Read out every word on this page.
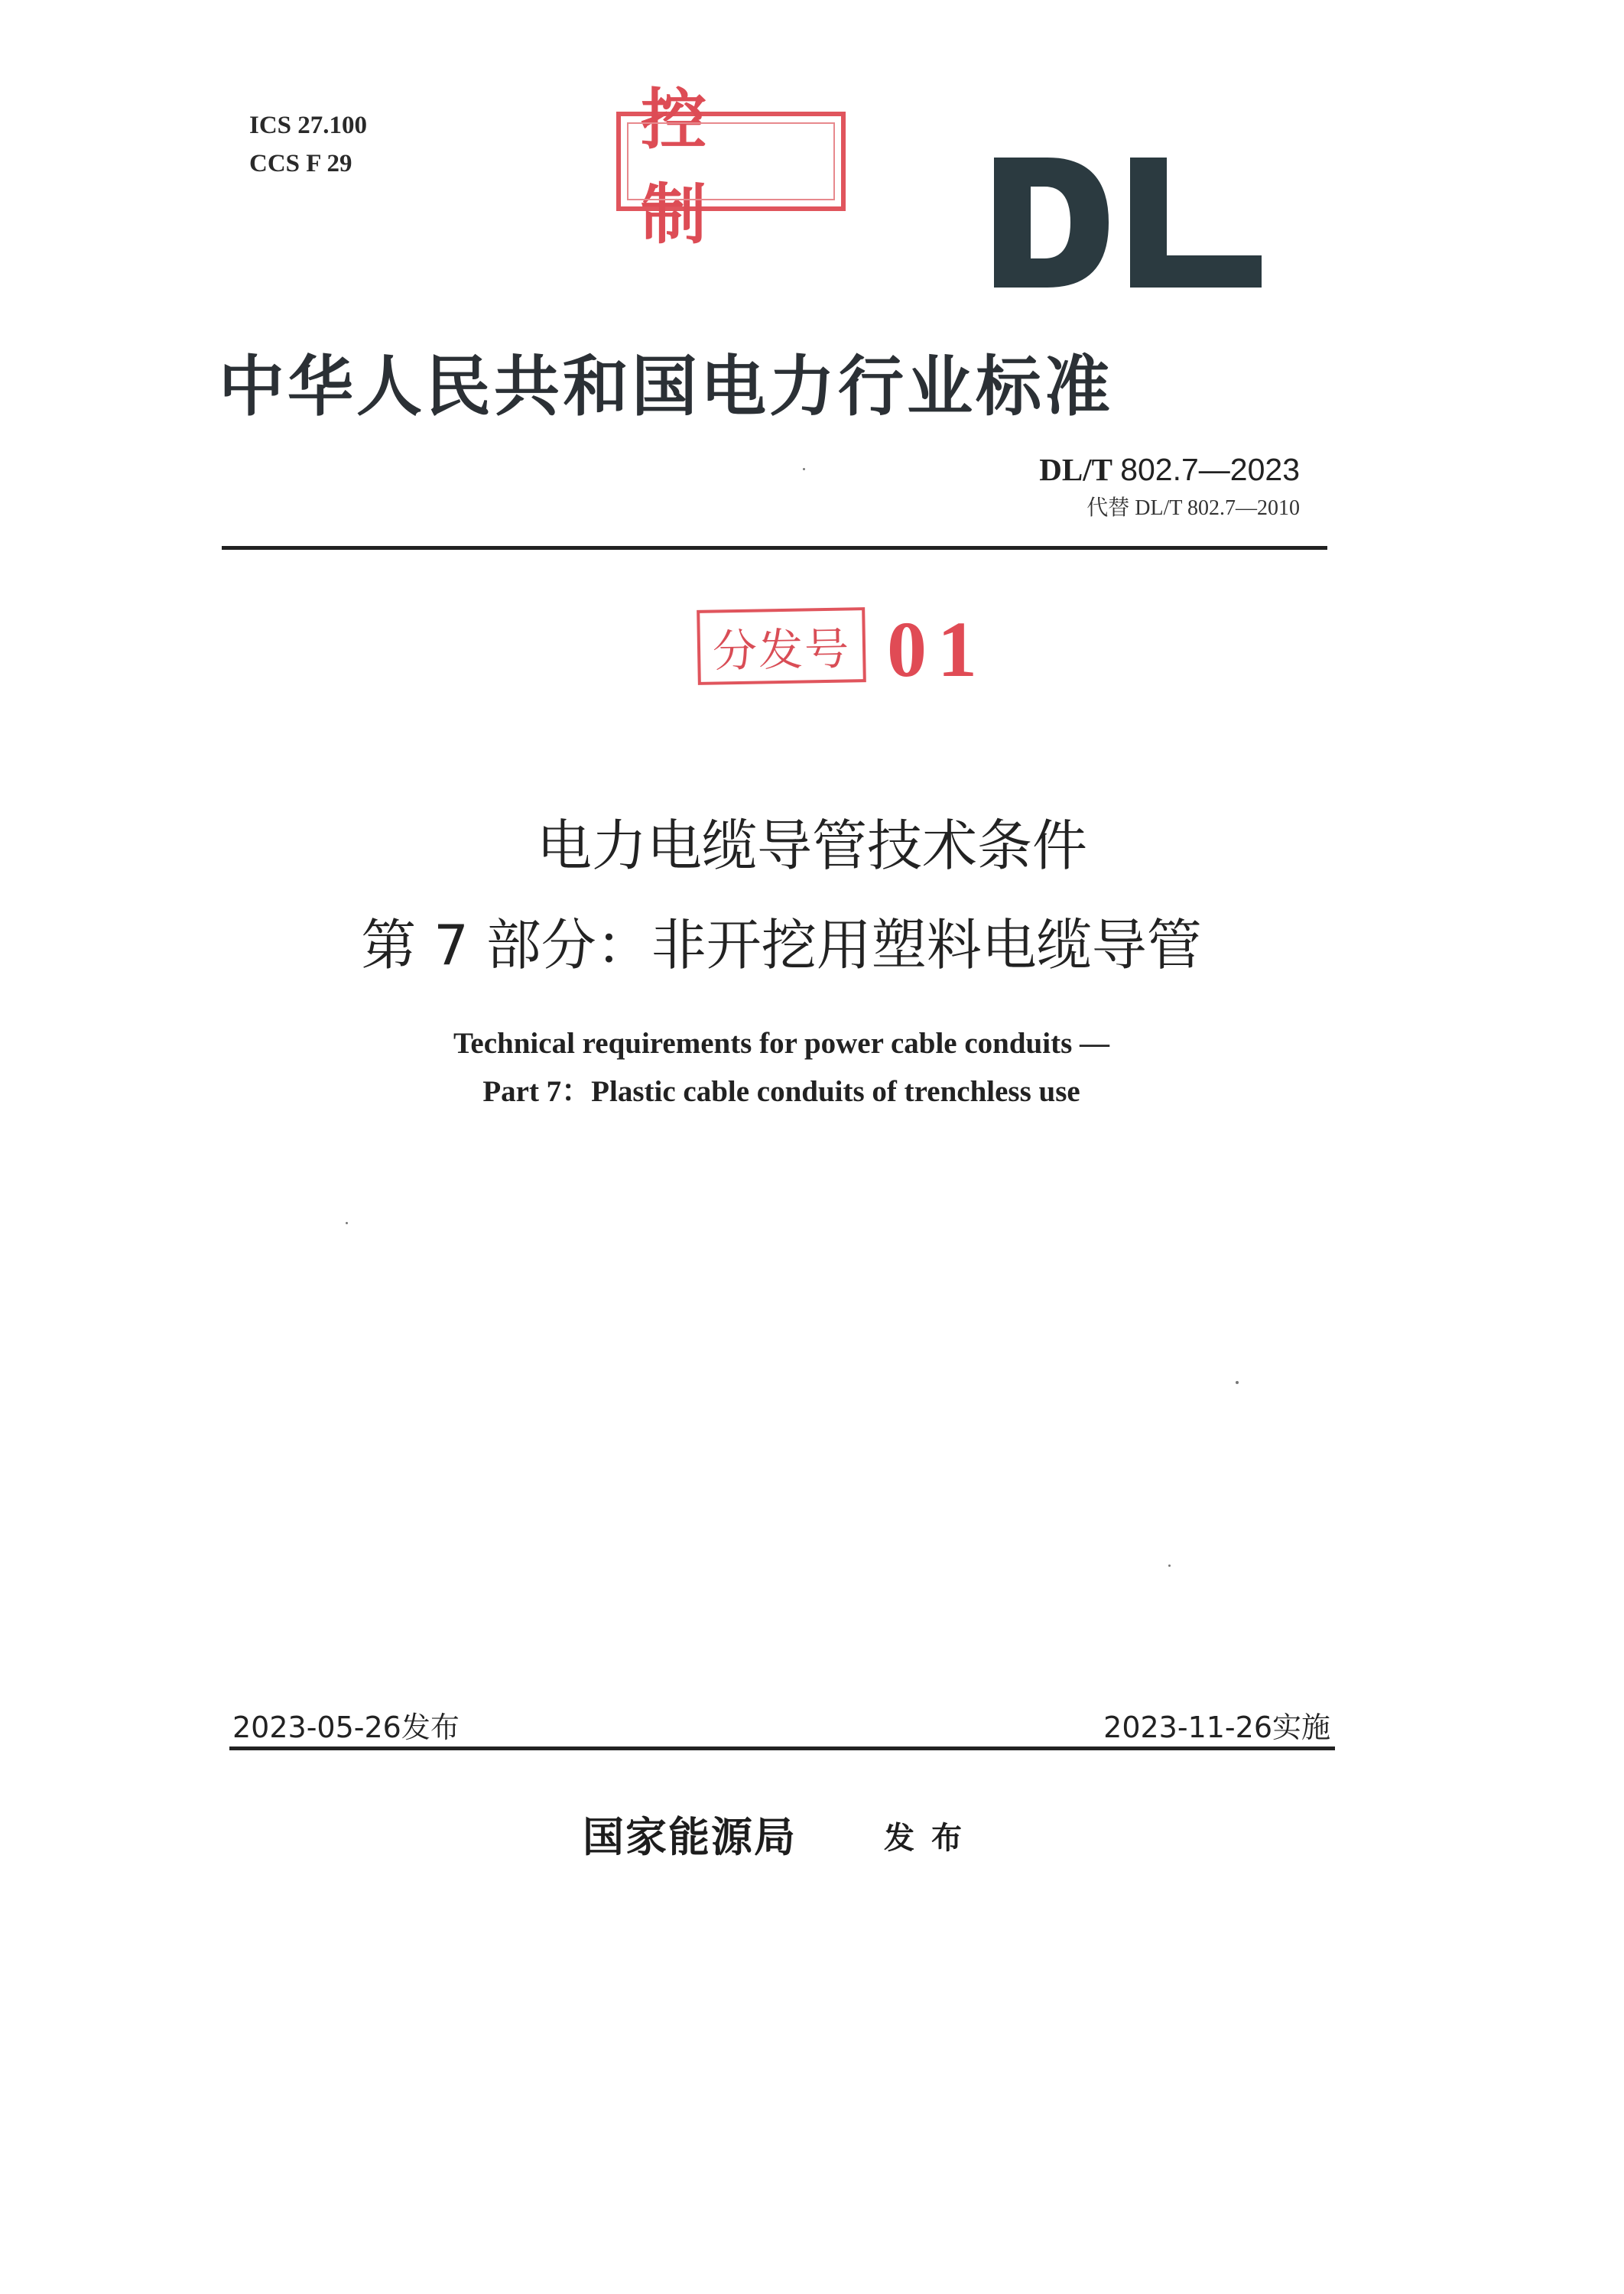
ICS 27.100
CCS F 29
控 制
中华人民共和国电力行业标准
DL/T 802.7—2023
代替 DL/T 802.7—2010
分发号 01
电力电缆导管技术条件
第 7 部分：非开挖用塑料电缆导管
Technical requirements for power cable conduits —
Part 7：Plastic cable conduits of trenchless use
2023-05-26发布	2023-11-26实施
国家能源局	发布
